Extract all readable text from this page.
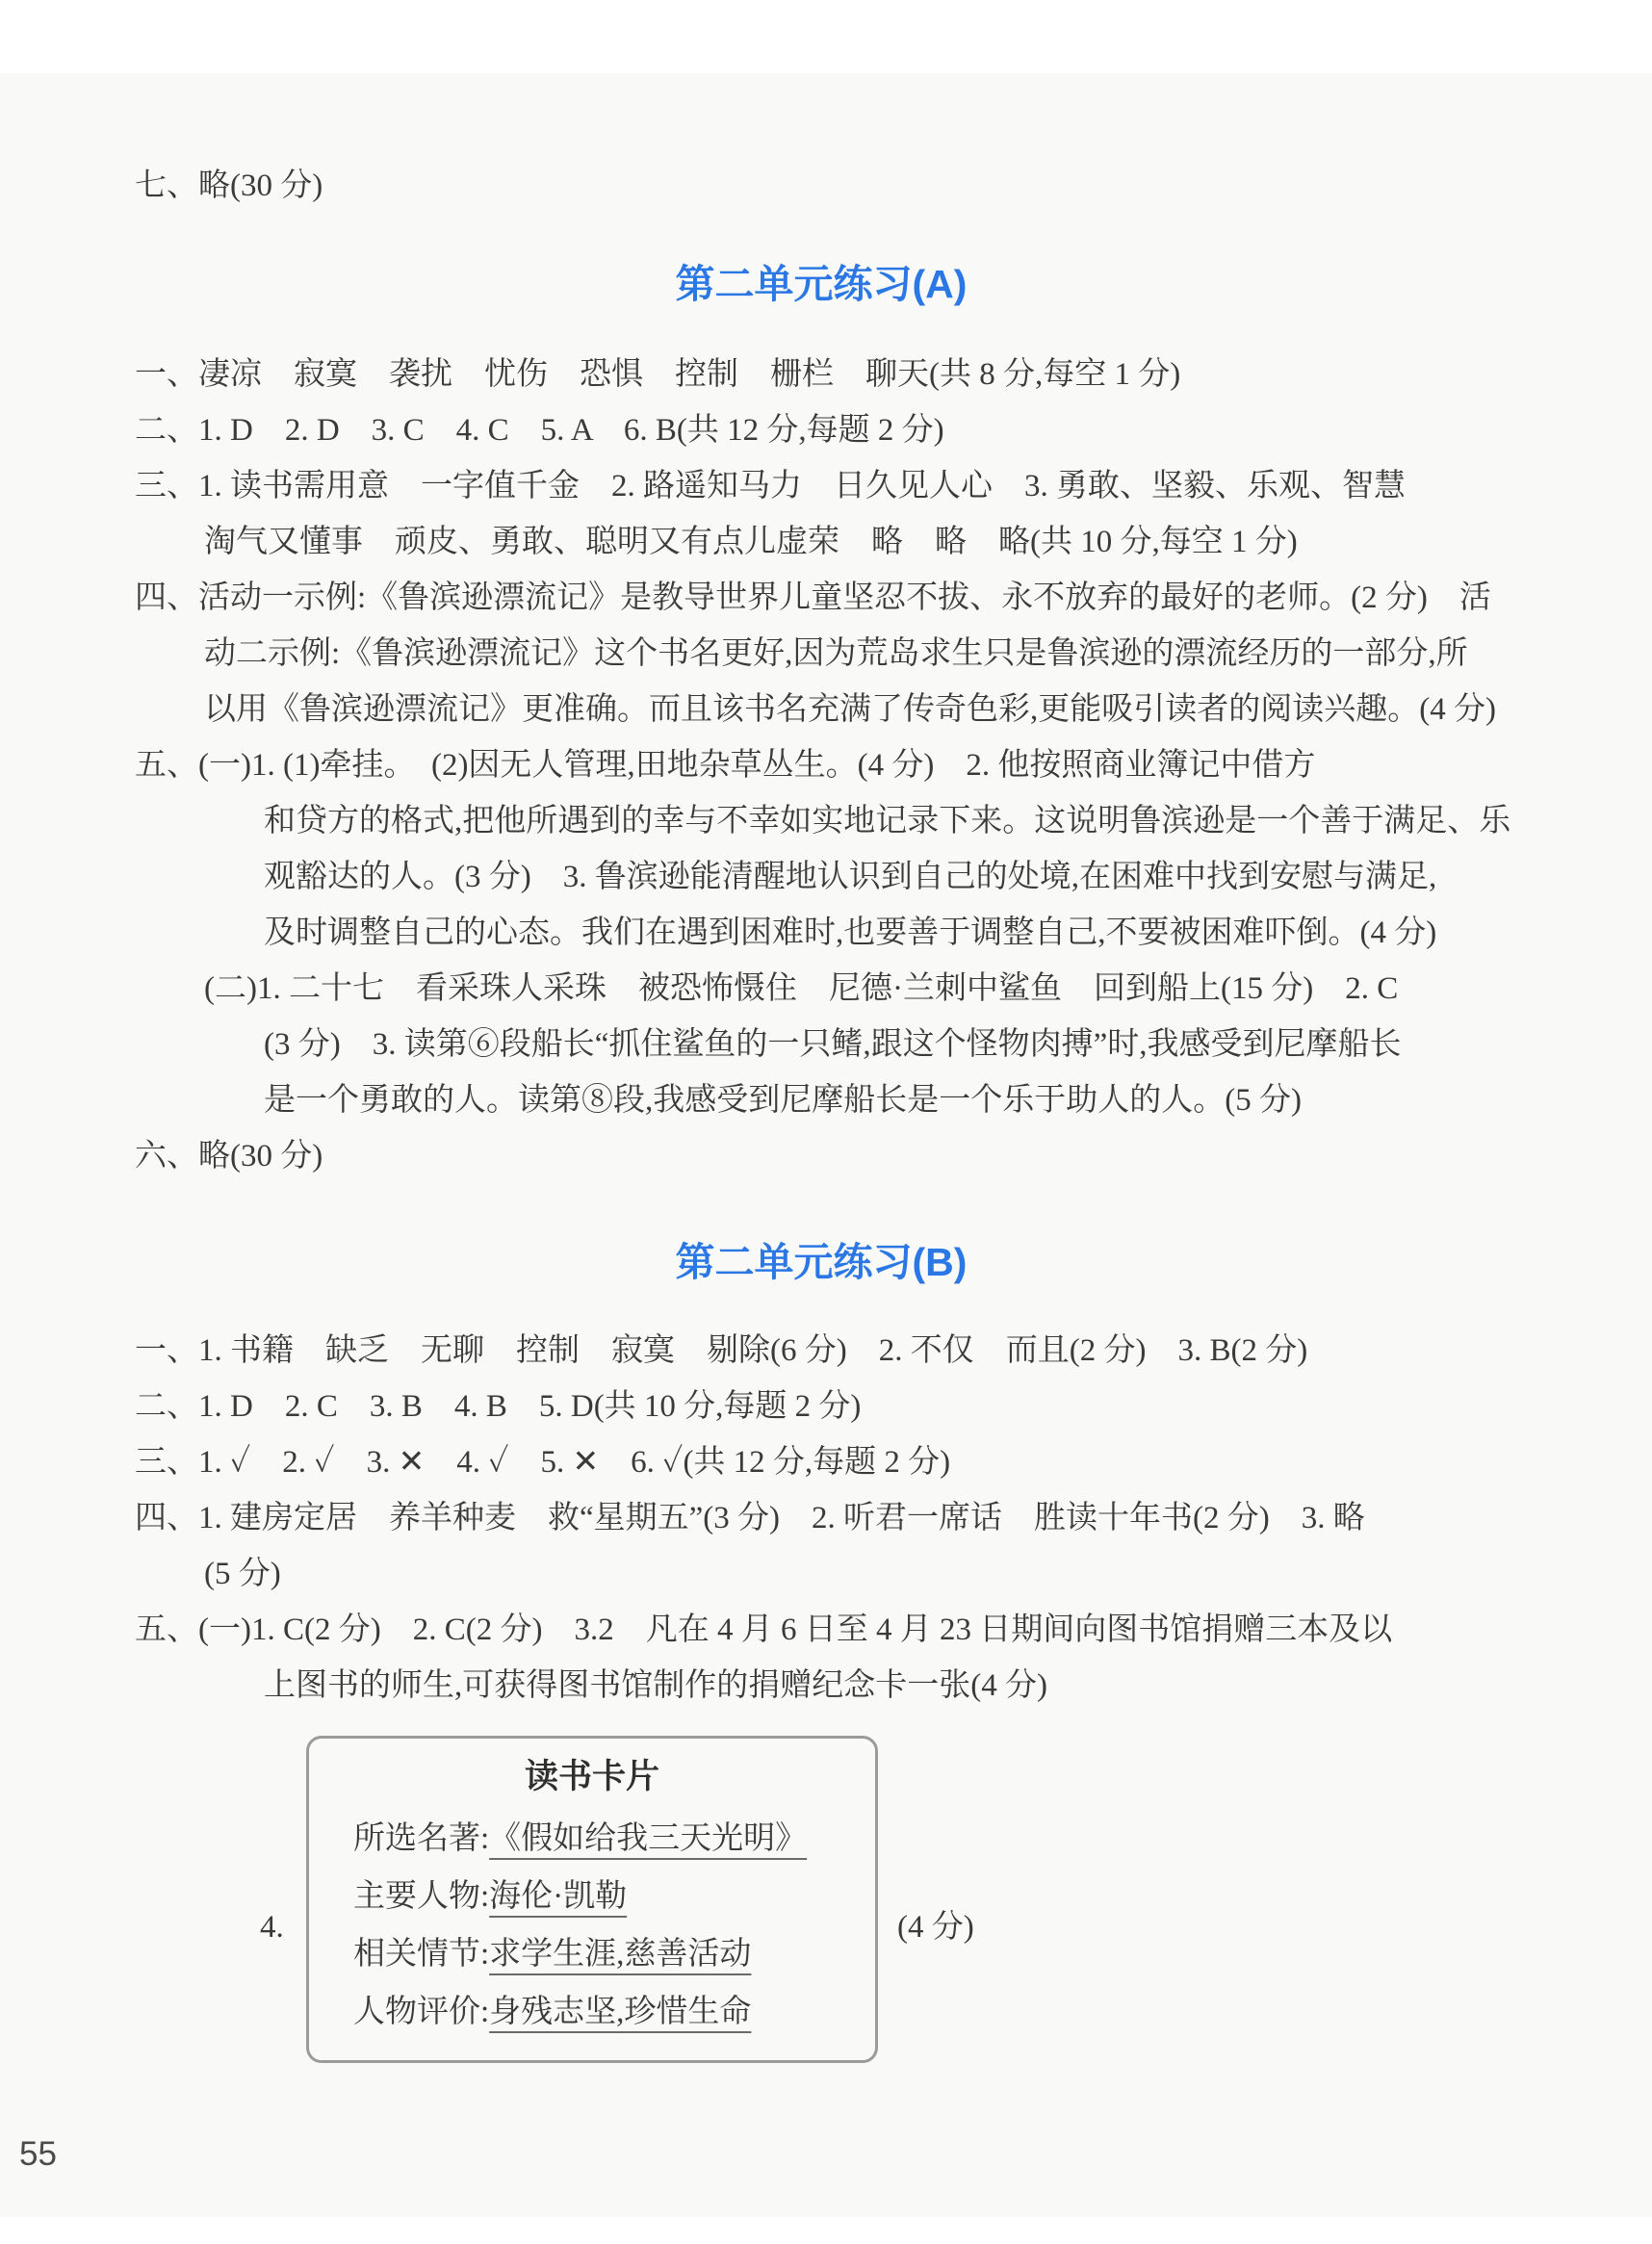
七、略(30 分)
第二单元练习(A)
一、凄凉　寂寞　袭扰　忧伤　恐惧　控制　栅栏　聊天(共 8 分,每空 1 分)
二、1. D　2. D　3. C　4. C　5. A　6. B(共 12 分,每题 2 分)
三、1. 读书需用意　一字值千金　2. 路遥知马力　日久见人心　3. 勇敢、坚毅、乐观、智慧
淘气又懂事　顽皮、勇敢、聪明又有点儿虚荣　略　略　略(共 10 分,每空 1 分)
四、活动一示例:《鲁滨逊漂流记》是教导世界儿童坚忍不拔、永不放弃的最好的老师。(2 分)　活
动二示例:《鲁滨逊漂流记》这个书名更好,因为荒岛求生只是鲁滨逊的漂流经历的一部分,所
以用《鲁滨逊漂流记》更准确。而且该书名充满了传奇色彩,更能吸引读者的阅读兴趣。(4 分)
五、(一)1. (1)牵挂。　(2)因无人管理,田地杂草丛生。(4 分)　2. 他按照商业簿记中借方
和贷方的格式,把他所遇到的幸与不幸如实地记录下来。这说明鲁滨逊是一个善于满足、乐
观豁达的人。(3 分)　3. 鲁滨逊能清醒地认识到自己的处境,在困难中找到安慰与满足,
及时调整自己的心态。我们在遇到困难时,也要善于调整自己,不要被困难吓倒。(4 分)
(二)1. 二十七　看采珠人采珠　被恐怖慑住　尼德·兰刺中鲨鱼　回到船上(15 分)　2. C
(3 分)　3. 读第⑥段船长“抓住鲨鱼的一只鳍,跟这个怪物肉搏”时,我感受到尼摩船长
是一个勇敢的人。读第⑧段,我感受到尼摩船长是一个乐于助人的人。(5 分)
六、略(30 分)
第二单元练习(B)
一、1. 书籍　缺乏　无聊　控制　寂寞　剔除(6 分)　2. 不仅　而且(2 分)　3. B(2 分)
二、1. D　2. C　3. B　4. B　5. D(共 10 分,每题 2 分)
三、1. ✓　2. ✓　3. ✕　4. ✓　5. ✕　6. ✓(共 12 分,每题 2 分)
四、1. 建房定居　养羊种麦　救“星期五”(3 分)　2. 听君一席话　胜读十年书(2 分)　3. 略
(5 分)
五、(一)1. C(2 分)　2. C(2 分)　3.2　凡在 4 月 6 日至 4 月 23 日期间向图书馆捐赠三本及以
上图书的师生,可获得图书馆制作的捐赠纪念卡一张(4 分)
4.
读书卡片
所选名著:《假如给我三天光明》
主要人物:海伦·凯勒
相关情节:求学生涯,慈善活动
人物评价:身残志坚,珍惜生命
(4 分)
55
